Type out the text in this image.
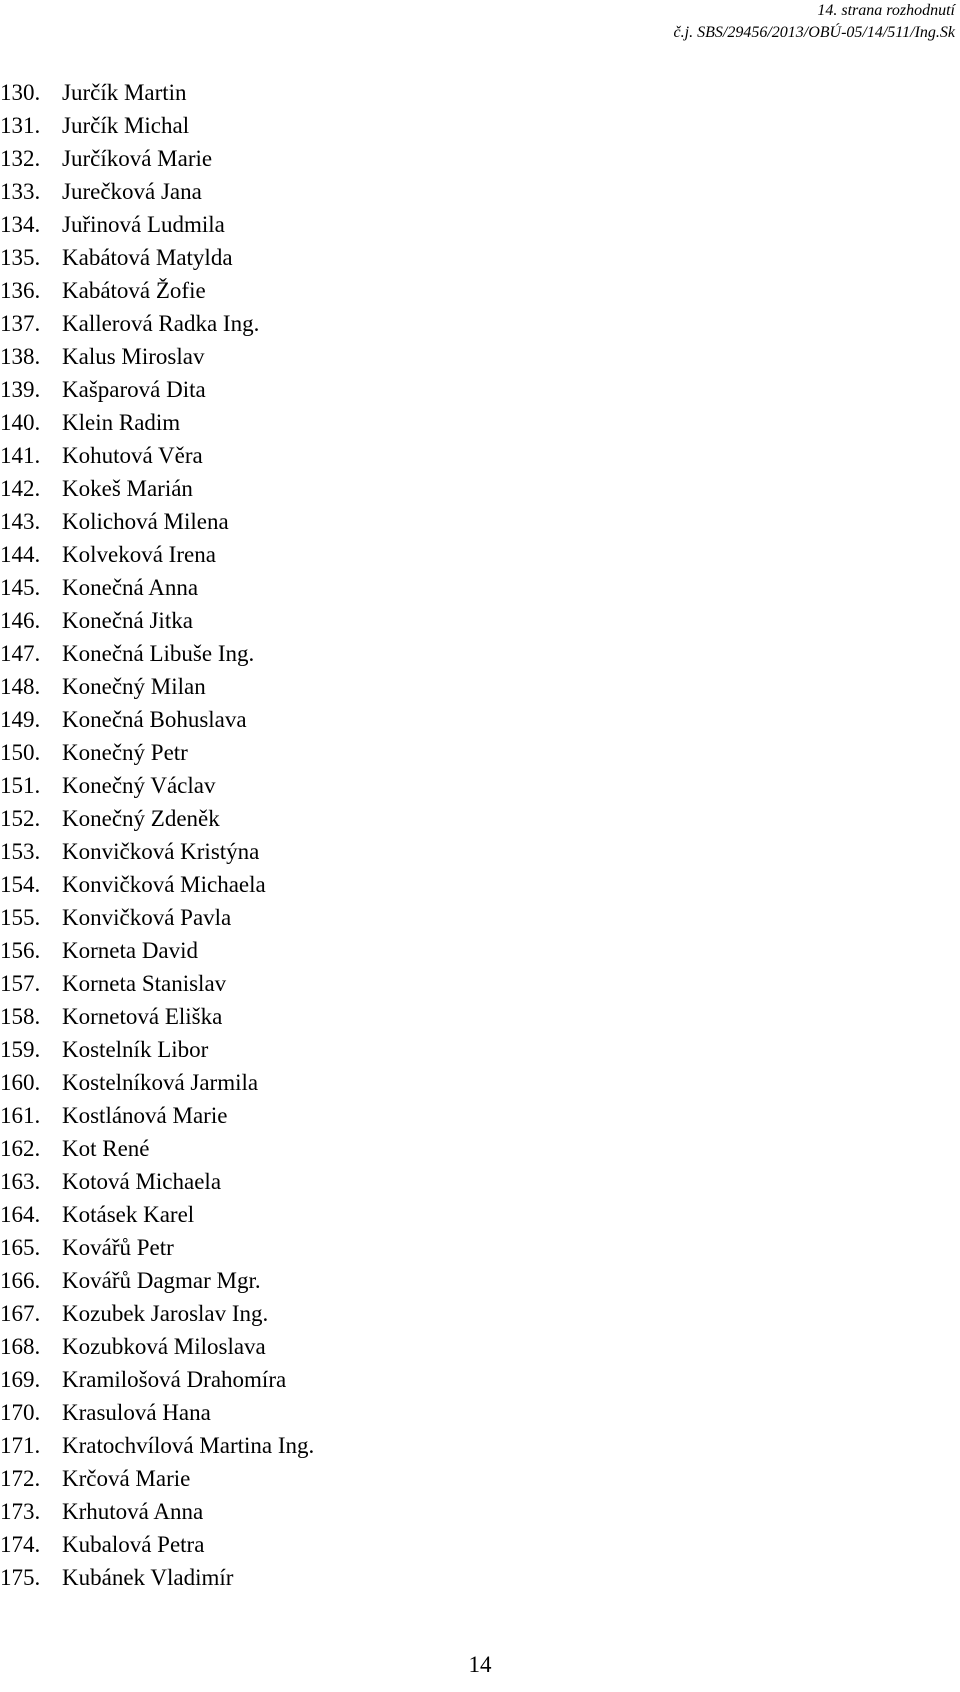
14. strana rozhodnutí
č.j. SBS/29456/2013/OBÚ-05/14/511/Ing.Sk
130. Jurčík Martin
131. Jurčík Michal
132. Jurčíková Marie
133. Jurečková Jana
134. Juřinová Ludmila
135. Kabátová Matylda
136. Kabátová Žofie
137. Kallerová Radka Ing.
138. Kalus Miroslav
139. Kašparová Dita
140. Klein Radim
141. Kohutová Věra
142. Kokeš Marián
143. Kolichová Milena
144. Kolveková Irena
145. Konečná Anna
146. Konečná Jitka
147. Konečná Libuše Ing.
148. Konečný Milan
149. Konečná Bohuslava
150. Konečný Petr
151. Konečný Václav
152. Konečný Zdeněk
153. Konvičková Kristýna
154. Konvičková Michaela
155. Konvičková Pavla
156. Korneta David
157. Korneta Stanislav
158. Kornetová Eliška
159. Kostelník Libor
160. Kostelníková Jarmila
161. Kostlánová Marie
162. Kot René
163. Kotová Michaela
164. Kotásek Karel
165. Kovářů Petr
166. Kovářů Dagmar Mgr.
167. Kozubek Jaroslav Ing.
168. Kozubková Miloslava
169. Kramilošová Drahomíra
170. Krasulová Hana
171. Kratochvílová Martina Ing.
172. Krčová Marie
173. Krhutová Anna
174. Kubalová Petra
175. Kubánek Vladimír
14
